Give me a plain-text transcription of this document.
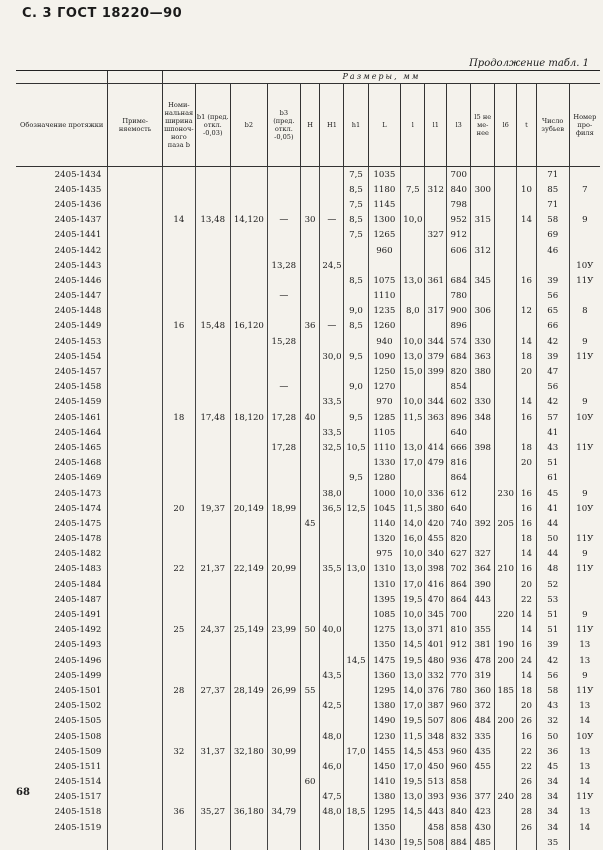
С. 3 ГОСТ 18220—90
Продолжение табл. 1
		Размеры, мм															
Обозначение протяжки	Применяемость	Номинальная ширина шпоночного паза b	b1 (пред. откл. -0,03)	b2	b3 (пред. откл. -0,05)	H	H1	h1	L	l	l1	l3	l5 не менее	l6	t	Число зубьев	Номер профиля
2405-1434								7,5	1035			700				71	
2405-1435								8,5	1180	7,5	312	840	300		10	85	7
2405-1436								7,5	1145			798				71	
2405-1437		14	13,48	14,120	—	30	—	8,5	1300	10,0		952	315		14	58	9
2405-1441								7,5	1265		327	912				69	
2405-1442									960			606	312			46	
2405-1443					13,28		24,5										10У
2405-1446								8,5	1075	13,0	361	684	345		16	39	11У
2405-1447					—				1110			780				56	
2405-1448								9,0	1235	8,0	317	900	306		12	65	8
2405-1449		16	15,48	16,120		36	—	8,5	1260			896				66	
2405-1453					15,28				940	10,0	344	574	330		14	42	9
2405-1454							30,0	9,5	1090	13,0	379	684	363		18	39	11У
2405-1457									1250	15,0	399	820	380		20	47	
2405-1458					—			9,0	1270			854				56	
2405-1459							33,5		970	10,0	344	602	330		14	42	9
2405-1461		18	17,48	18,120	17,28	40		9,5	1285	11,5	363	896	348		16	57	10У
2405-1464							33,5		1105			640				41	
2405-1465					17,28		32,5	10,5	1110	13,0	414	666	398		18	43	11У
2405-1468									1330	17,0	479	816			20	51	
2405-1469								9,5	1280			864				61	
2405-1473							38,0		1000	10,0	336	612		230	16	45	9
2405-1474		20	19,37	20,149	18,99		36,5	12,5	1045	11,5	380	640			16	41	10У
2405-1475						45			1140	14,0	420	740	392	205	16	44	
2405-1478									1320	16,0	455	820			18	50	11У
2405-1482									975	10,0	340	627	327		14	44	9
2405-1483		22	21,37	22,149	20,99		35,5	13,0	1310	13,0	398	702	364	210	16	48	11У
2405-1484									1310	17,0	416	864	390		20	52	
2405-1487									1395	19,5	470	864	443		22	53	
2405-1491									1085	10,0	345	700		220	14	51	9
2405-1492		25	24,37	25,149	23,99	50	40,0		1275	13,0	371	810	355		14	51	11У
2405-1493									1350	14,5	401	912	381	190	16	39	13
2405-1496								14,5	1475	19,5	480	936	478	200	24	42	13
2405-1499							43,5		1360	13,0	332	770	319		14	56	9
2405-1501		28	27,37	28,149	26,99	55			1295	14,0	376	780	360	185	18	58	11У
2405-1502							42,5		1380	17,0	387	960	372		20	43	13
2405-1505									1490	19,5	507	806	484	200	26	32	14
2405-1508							48,0		1230	11,5	348	832	335		16	50	10У
2405-1509		32	31,37	32,180	30,99			17,0	1455	14,5	453	960	435		22	36	13
2405-1511							46,0		1450	17,0	450	960	455		22	45	13
2405-1514						60			1410	19,5	513	858			26	34	14
2405-1517							47,5		1380	13,0	393	936	377	240	28	34	11У
2405-1518		36	35,27	36,180	34,79		48,0	18,5	1295	14,5	443	840	423		28	34	13
2405-1519									1350		458	858	430		26	34	14
									1430	19,5	508	884	485			35	
68
